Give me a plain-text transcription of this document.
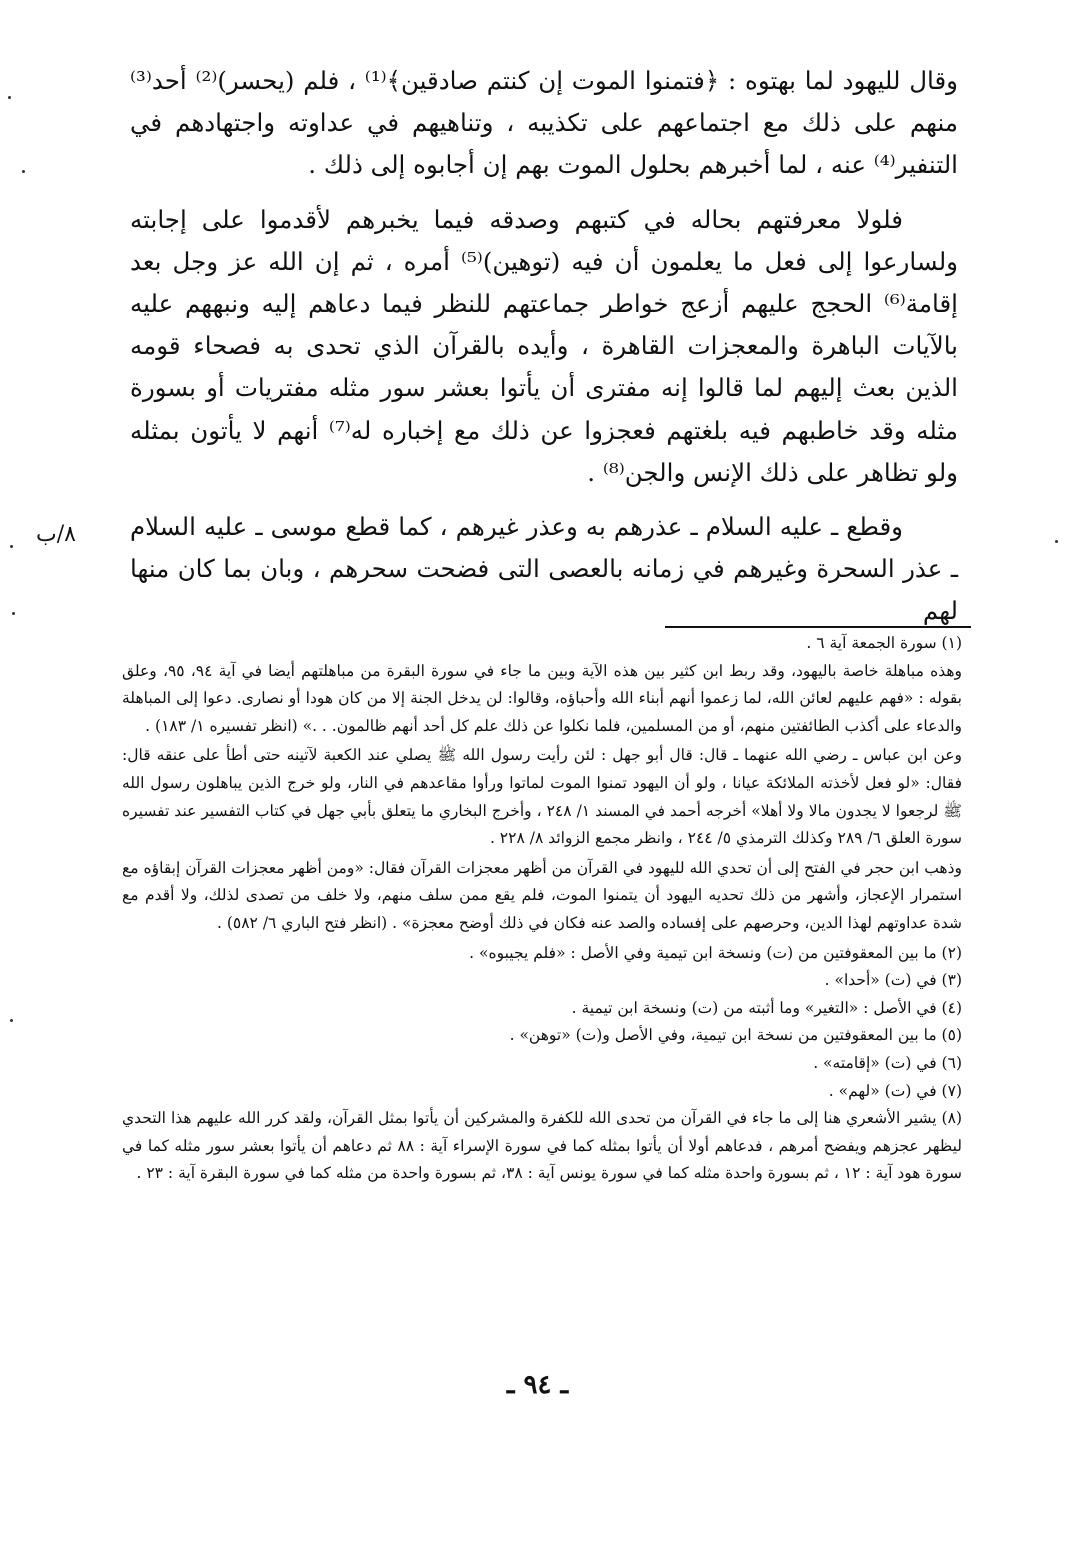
وقال لليهود لما بهتوه : ﴿فتمنوا الموت إن كنتم صادقين﴾⁽¹⁾ ، فلم (يحسر)⁽²⁾ أحد⁽³⁾ منهم على ذلك مع اجتماعهم على تكذيبه ، وتناهيهم في عداوته واجتهادهم في التنفير⁽⁴⁾ عنه ، لما أخبرهم بحلول الموت بهم إن أجابوه إلى ذلك .

فلولا معرفتهم بحاله في كتبهم وصدقه فيما يخبرهم لأقدموا على إجابته ولسارعوا إلى فعل ما يعلمون أن فيه (توهين)⁽⁵⁾ أمره ، ثم إن الله عز وجل بعد إقامة⁽⁶⁾ الحجج عليهم أزعج خواطر جماعتهم للنظر فيما دعاهم إليه ونبههم عليه بالآيات الباهرة والمعجزات القاهرة ، وأيده بالقرآن الذي تحدى به فصحاء قومه الذين بعث إليهم لما قالوا إنه مفترى أن يأتوا بعشر سور مثله مفتريات أو بسورة مثله وقد خاطبهم فيه بلغتهم فعجزوا عن ذلك مع إخباره له⁽⁷⁾ أنهم لا يأتون بمثله ولو تظاهر على ذلك الإنس والجن⁽⁸⁾ .

وقطع ـ عليه السلام ـ عذرهم به وعذر غيرهم ، كما قطع موسى ـ عليه السلام ـ عذر السحرة وغيرهم في زمانه بالعصى التى فضحت سحرهم ، وبان بما كان منها لهم

٨/ب

(١) سورة الجمعة آية ٦ .

وهذه مباهلة خاصة باليهود، وقد ربط ابن كثير بين هذه الآية وبين ما جاء في سورة البقرة من مباهلتهم أيضا في آية ٩٤، ٩٥، وعلق بقوله : «فهم عليهم لعائن الله، لما زعموا أنهم أبناء الله وأحباؤه، وقالوا: لن يدخل الجنة إلا من كان هودا أو نصارى. دعوا إلى المباهلة والدعاء على أكذب الطائفتين منهم، أو من المسلمين، فلما نكلوا عن ذلك علم كل أحد أنهم ظالمون. . .» (انظر تفسيره ١/ ١٨٣) .

وعن ابن عباس ـ رضي الله عنهما ـ قال: قال أبو جهل : لئن رأيت رسول الله ﷺ يصلي عند الكعبة لآتينه حتى أطأ على عنقه قال: فقال: «لو فعل لأخذته الملائكة عيانا ، ولو أن اليهود تمنوا الموت لماتوا ورأوا مقاعدهم في النار، ولو خرج الذين يباهلون رسول الله ﷺ لرجعوا لا يجدون مالا ولا أهلا» أخرجه أحمد في المسند ١/ ٢٤٨ ، وأخرج البخاري ما يتعلق بأبي جهل في كتاب التفسير عند تفسيره سورة العلق ٦/ ٢٨٩ وكذلك الترمذي ٥/ ٢٤٤ ، وانظر مجمع الزوائد ٨/ ٢٢٨ .

وذهب ابن حجر في الفتح إلى أن تحدي الله لليهود في القرآن من أظهر معجزات القرآن فقال: «ومن أظهر معجزات القرآن إبقاؤه مع استمرار الإعجاز، وأشهر من ذلك تحديه اليهود أن يتمنوا الموت، فلم يقع ممن سلف منهم، ولا خلف من تصدى لذلك، ولا أقدم مع شدة عداوتهم لهذا الدين، وحرصهم على إفساده والصد عنه فكان في ذلك أوضح معجزة» . (انظر فتح الباري ٦/ ٥٨٢) .

(٢) ما بين المعقوفتين من (ت) ونسخة ابن تيمية وفي الأصل : «فلم يجيبوه» .

(٣) في (ت) «أحدا» .

(٤) في الأصل : «التغير» وما أثبته من (ت) ونسخة ابن تيمية .

(٥) ما بين المعقوفتين من نسخة ابن تيمية، وفي الأصل و(ت) «توهن» .

(٦) في (ت) «إقامته» .

(٧) في (ت) «لهم» .

(٨) يشير الأشعري هنا إلى ما جاء في القرآن من تحدى الله للكفرة والمشركين أن يأتوا بمثل القرآن، ولقد كرر الله عليهم هذا التحدي ليظهر عجزهم ويفضح أمرهم ، فدعاهم أولا أن يأتوا بمثله كما في سورة الإسراء آية : ٨٨ ثم دعاهم أن يأتوا بعشر سور مثله كما في سورة هود آية : ١٢ ، ثم بسورة واحدة مثله كما في سورة يونس آية : ٣٨، ثم بسورة واحدة من مثله كما في سورة البقرة آية : ٢٣ .

ـ ٩٤ ـ
